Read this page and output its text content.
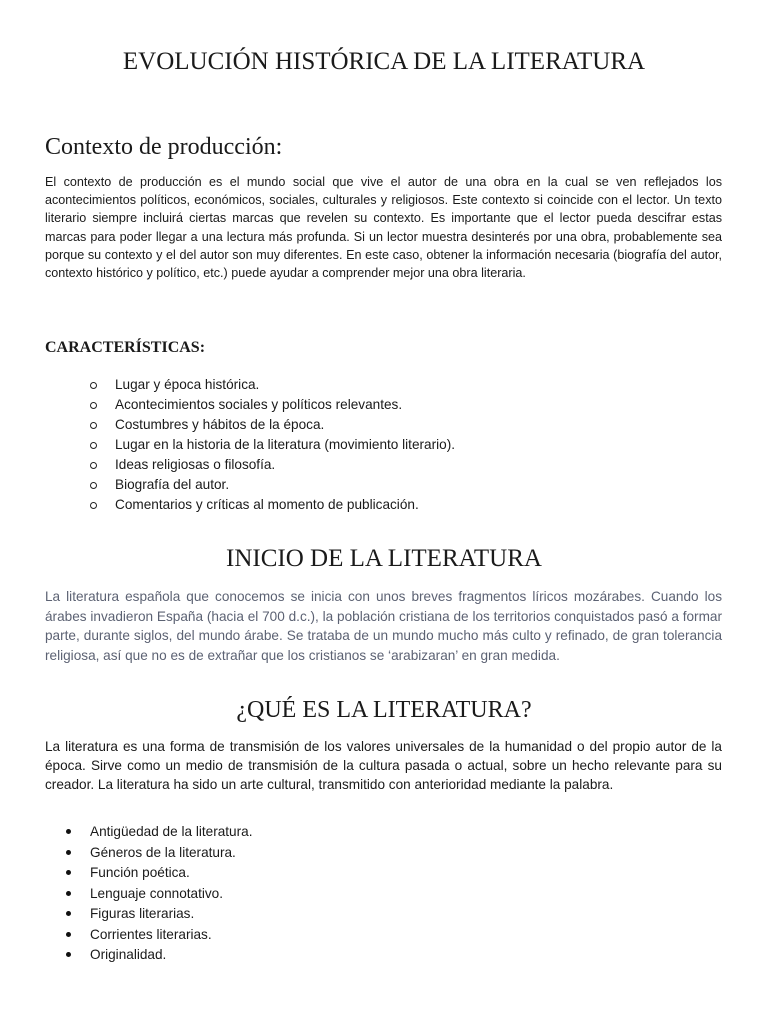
EVOLUCIÓN HISTÓRICA DE LA LITERATURA
Contexto de producción:

El contexto de producción es el mundo social que vive el autor de una obra en la cual se ven reflejados los acontecimientos políticos, económicos, sociales, culturales y religiosos. Este contexto si coincide con el lector. Un texto literario siempre incluirá ciertas marcas que revelen su contexto. Es importante que el lector pueda descifrar estas marcas para poder llegar a una lectura más profunda. Si un lector muestra desinterés por una obra, probablemente sea porque su contexto y el del autor son muy diferentes. En este caso, obtener la información necesaria (biografía del autor, contexto histórico y político, etc.) puede ayudar a comprender mejor una obra literaria.

CARACTERÍSTICAS:
Lugar y época histórica.
Acontecimientos sociales y políticos relevantes.
Costumbres y hábitos de la época.
Lugar en la historia de la literatura (movimiento literario).
Ideas religiosas o filosofía.
Biografía del autor.
Comentarios y críticas al momento de publicación.
INICIO DE LA LITERATURA

La literatura española que conocemos se inicia con unos breves fragmentos líricos mozárabes. Cuando los árabes invadieron España (hacia el 700 d.c.), la población cristiana de los territorios conquistados pasó a formar parte, durante siglos, del mundo árabe. Se trataba de un mundo mucho más culto y refinado, de gran tolerancia religiosa, así que no es de extrañar que los cristianos se ‘arabizaran’ en gran medida.

¿QUÉ ES LA LITERATURA?

La literatura es una forma de transmisión de los valores universales de la humanidad o del propio autor de la época. Sirve como un medio de transmisión de la cultura pasada o actual, sobre un hecho relevante para su creador. La literatura ha sido un arte cultural, transmitido con anterioridad mediante la palabra.

Antigüedad de la literatura.
Géneros de la literatura.
Función poética.
Lenguaje connotativo.
Figuras literarias.
Corrientes literarias.
Originalidad.
